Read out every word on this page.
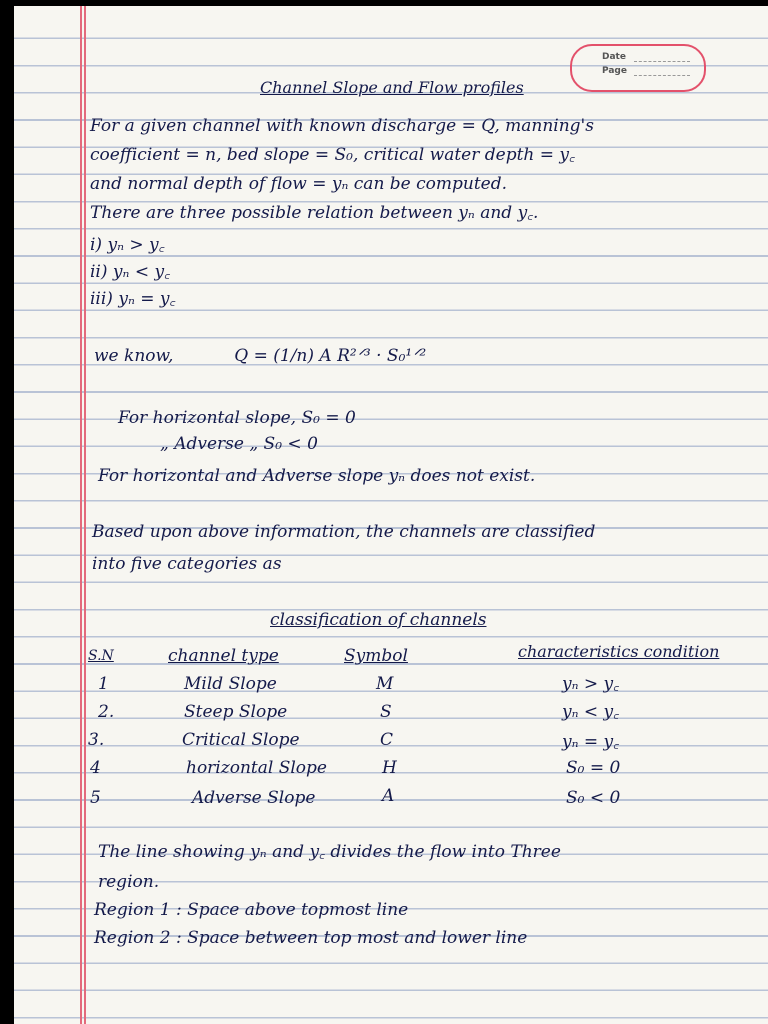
Date
Page
Channel Slope and Flow profiles
For a given channel with known discharge = Q, manning's
coefficient = n, bed slope = S₀, critical water depth = y꜀
and normal depth of flow = yₙ can be computed.
There are three possible relation between yₙ and y꜀.
i) yₙ > y꜀
ii) yₙ < y꜀
iii) yₙ = y꜀
we know,	Q = (1/n) A R²ᐟ³ · S₀¹ᐟ²
For horizontal slope, S₀ = 0
„ Adverse „ S₀ < 0
For horizontal and Adverse slope yₙ does not exist.
Based upon above information, the channels are classified
into five categories as
classification of channels
S.N	channel type	Symbol	characteristics condition
1	Mild Slope	M	yₙ > y꜀
2.	Steep Slope	S	yₙ < y꜀
3.	Critical Slope	C	yₙ = y꜀
4	horizontal Slope	H	S₀ = 0
5	Adverse Slope	A	S₀ < 0
The line showing yₙ and y꜀ divides the flow into Three
region.
Region 1 : Space above topmost line
Region 2 : Space between top most and lower line
